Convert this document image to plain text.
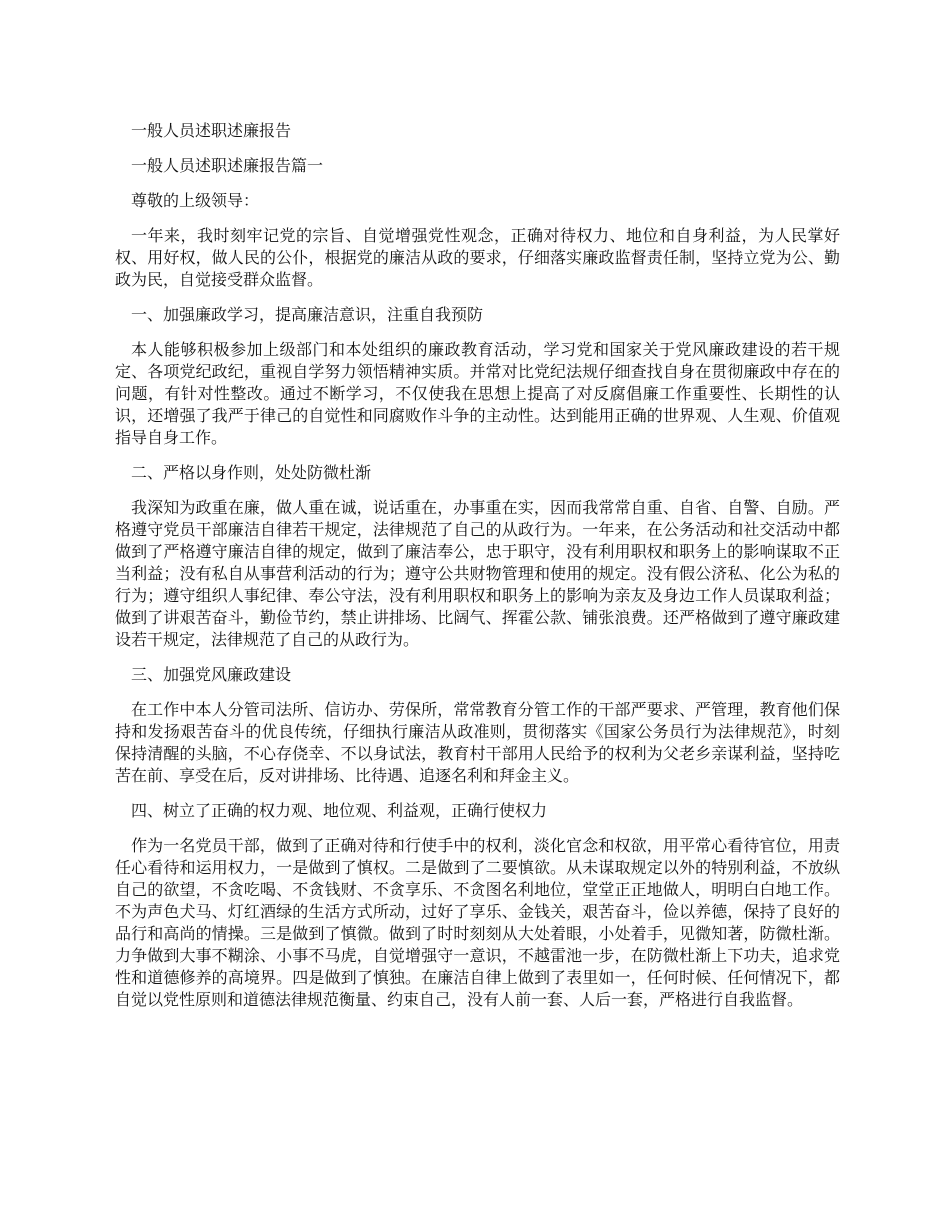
一般人员述职述廉报告

一般人员述职述廉报告篇一

尊敬的上级领导：

一年来，我时刻牢记党的宗旨、自觉增强党性观念，正确对待权力、地位和自身利益，为人民掌好权、用好权，做人民的公仆，根据党的廉洁从政的要求，仔细落实廉政监督责任制，坚持立党为公、勤政为民，自觉接受群众监督。

一、加强廉政学习，提高廉洁意识，注重自我预防

本人能够积极参加上级部门和本处组织的廉政教育活动，学习党和国家关于党风廉政建设的若干规定、各项党纪政纪，重视自学努力领悟精神实质。并常对比党纪法规仔细查找自身在贯彻廉政中存在的问题，有针对性整改。通过不断学习，不仅使我在思想上提高了对反腐倡廉工作重要性、长期性的认识，还增强了我严于律己的自觉性和同腐败作斗争的主动性。达到能用正确的世界观、人生观、价值观指导自身工作。

二、严格以身作则，处处防微杜渐

我深知为政重在廉，做人重在诚，说话重在，办事重在实，因而我常常自重、自省、自警、自励。严格遵守党员干部廉洁自律若干规定，法律规范了自己的从政行为。一年来，在公务活动和社交活动中都做到了严格遵守廉洁自律的规定，做到了廉洁奉公，忠于职守，没有利用职权和职务上的影响谋取不正当利益；没有私自从事营利活动的行为；遵守公共财物管理和使用的规定。没有假公济私、化公为私的行为；遵守组织人事纪律、奉公守法，没有利用职权和职务上的影响为亲友及身边工作人员谋取利益；做到了讲艰苦奋斗，勤俭节约，禁止讲排场、比阔气、挥霍公款、铺张浪费。还严格做到了遵守廉政建设若干规定，法律规范了自己的从政行为。

三、加强党风廉政建设

在工作中本人分管司法所、信访办、劳保所，常常教育分管工作的干部严要求、严管理，教育他们保持和发扬艰苦奋斗的优良传统，仔细执行廉洁从政准则，贯彻落实《国家公务员行为法律规范》，时刻保持清醒的头脑，不心存侥幸、不以身试法，教育村干部用人民给予的权利为父老乡亲谋利益，坚持吃苦在前、享受在后，反对讲排场、比待遇、追逐名利和拜金主义。

四、树立了正确的权力观、地位观、利益观，正确行使权力

作为一名党员干部，做到了正确对待和行使手中的权利，淡化官念和权欲，用平常心看待官位，用责任心看待和运用权力，一是做到了慎权。二是做到了二要慎欲。从未谋取规定以外的特别利益，不放纵自己的欲望，不贪吃喝、不贪钱财、不贪享乐、不贪图名利地位，堂堂正正地做人，明明白白地工作。不为声色犬马、灯红酒绿的生活方式所动，过好了享乐、金钱关，艰苦奋斗，俭以养德，保持了良好的品行和高尚的情操。三是做到了慎微。做到了时时刻刻从大处着眼，小处着手，见微知著，防微杜渐。力争做到大事不糊涂、小事不马虎，自觉增强守一意识，不越雷池一步，在防微杜渐上下功夫，追求党性和道德修养的高境界。四是做到了慎独。在廉洁自律上做到了表里如一，任何时候、任何情况下，都自觉以党性原则和道德法律规范衡量、约束自己，没有人前一套、人后一套，严格进行自我监督。
